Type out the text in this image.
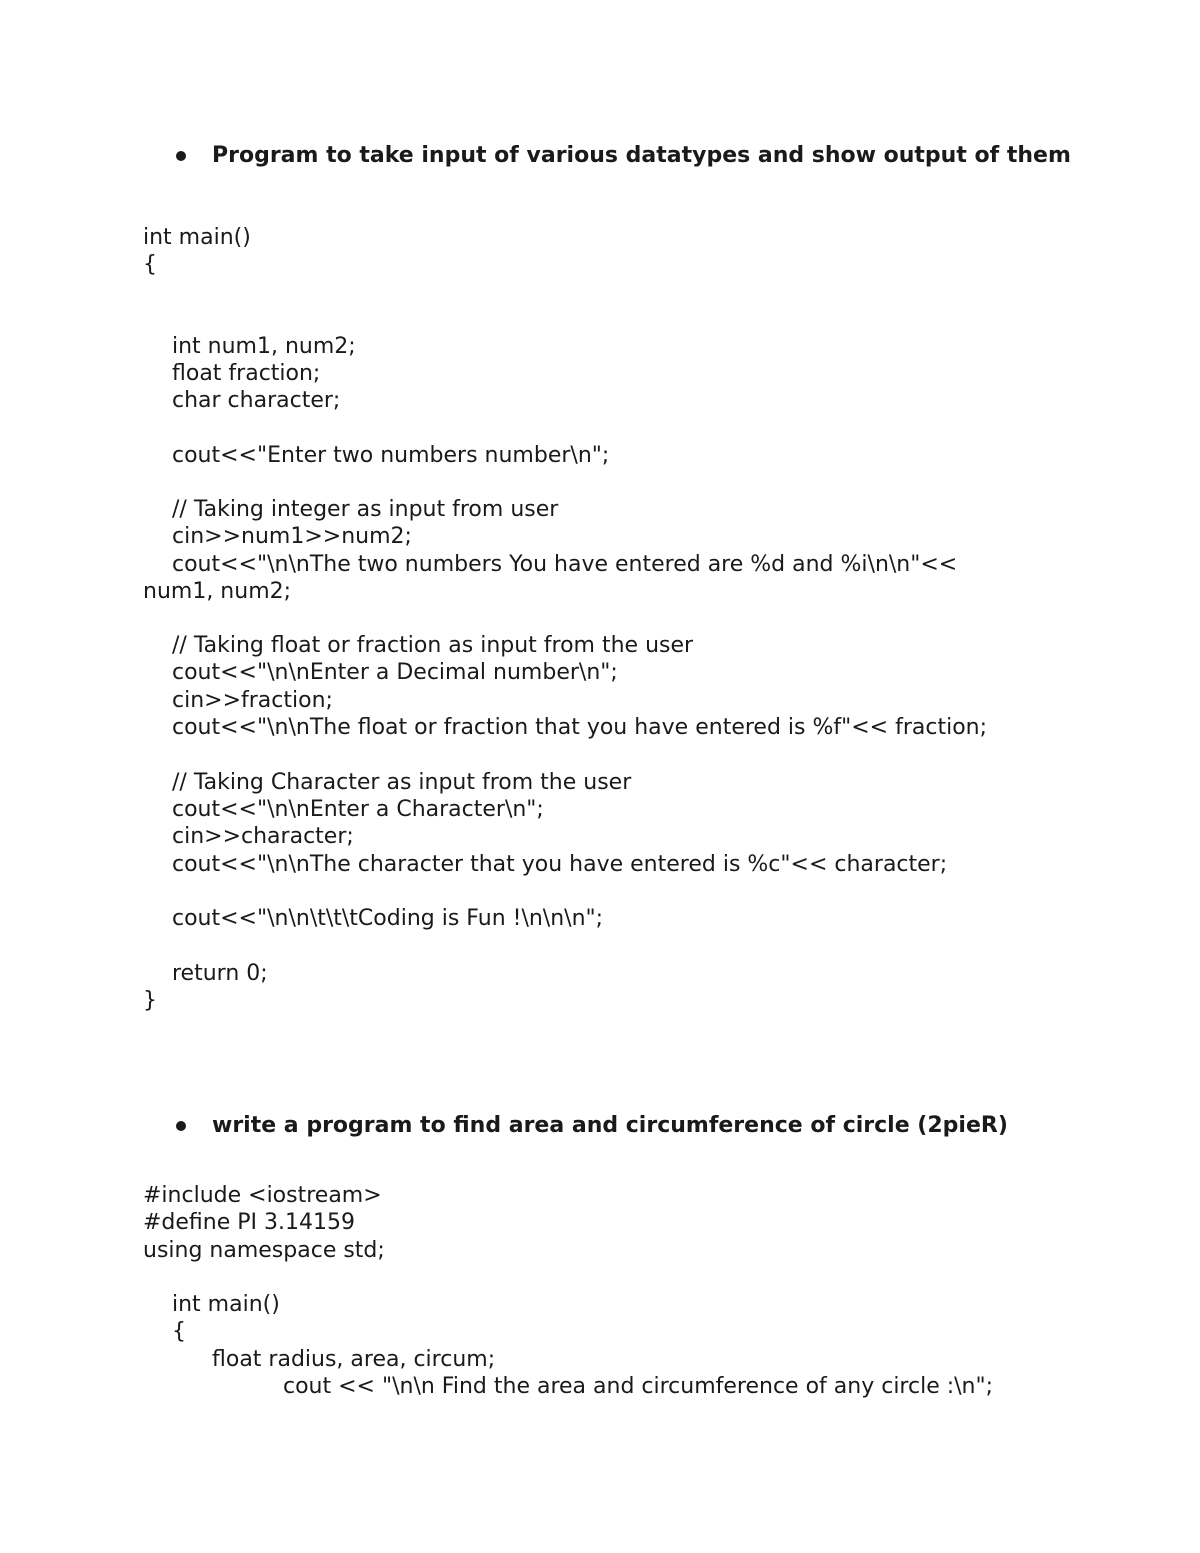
Program to take input of various datatypes and show output of them
int main()
{
int num1, num2;
float fraction;
char character;
cout<<"Enter two numbers number\n";
// Taking integer as input from user
cin>>num1>>num2;
cout<<"\n\nThe two numbers You have entered are %d and %i\n\n"<<
num1, num2;
// Taking float or fraction as input from the user
cout<<"\n\nEnter a Decimal number\n";
cin>>fraction;
cout<<"\n\nThe float or fraction that you have entered is %f"<< fraction;
// Taking Character as input from the user
cout<<"\n\nEnter a Character\n";
cin>>character;
cout<<"\n\nThe character that you have entered is %c"<< character;
cout<<"\n\n\t\t\tCoding is Fun !\n\n\n";
return 0;
}
write a program to find area and circumference of circle (2pieR)
#include <iostream>
#define PI 3.14159
using namespace std;
int main()
{
float radius, area, circum;
cout << "\n\n Find the area and circumference of any circle :\n";
